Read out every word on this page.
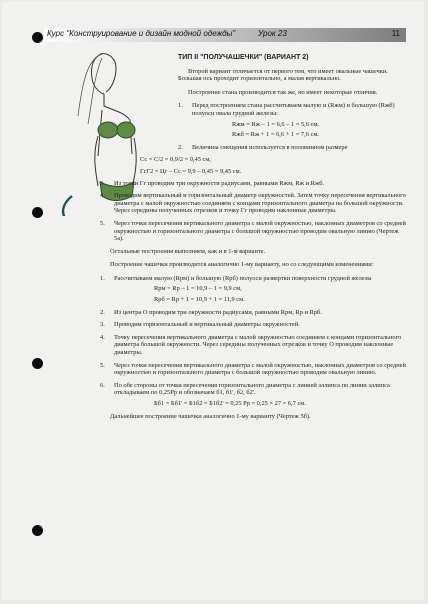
Курс "Конструирование и дизайн модной одежды"	Урок 23	11
ТИП II "ПОЛУЧАШЕЧКИ" (ВАРИАНТ 2)
Второй вариант отличается от первого тем, что имеет овальные чашечки. Большая ось проходит горизонтально, а малая вертикально.
Построение стана производится так же, но имеет некоторые отличия.
1. Перед построением стана рассчитываем малую и (Rжм) и большую (Rжб) полуоси овала грудной железы:
Rжм = Rж – 1 = 6,6 – 1 = 5,6 см.
Rжб = Rж + 1 = 6,6 + 1 = 7,6 см.
2. Величина смещения используется в половинном размере
Сс = С/2 = 0,9/2 = 0,45 см,
ГгГ2 = Цг – Сс = 9,9 – 0,45 = 9,45 см.
3. Из точки Гг проводим три окружности радиусами, равными Rжм, Rж и Rжб.
4. Проводим вертикальный и горизонтальный диаметр окружностей. Затем точку пересечения вертикального диаметра с малой окружностью соединяем с концами горизонтального диаметра на большой окружности. Через середины полученных отрезков и точку Гг проводим наклонные диаметры.
5. Через точки пересечения вертикального диаметра с малой окружностью, наклонных диаметров со средней окружностью и горизонтального диаметра с большой окружностью проводим овальную линию (Чертеж 5а).
Остальные построения выполняем, как и в 1-м варианте.
Построение чашечки производится аналогично 1-му варианту, но со следующими изменениями:
1. Рассчитываем малую (Rpм) и большую (Rpб) полуоси развертки поверхности грудной железы
Rpм = Rр – 1 = 10,9 – 1 = 9,9 см,
Rpб = Rр + 1 = 10,9 + 1 = 11,9 см.
2. Из центра О проводим три окружности радиусами, равными Rpм, Rр и Rpб.
3. Проводим горизонтальный и вертикальный диаметры окружностей.
4. Точку пересечения вертикального диаметра с малой окружностью соединяем с концами горизонтального диаметра большой окружности. Через середины полученных отрезков и точку О проводим наклонные диаметры.
5. Через точки пересечения вертикального диаметра с малой окружностью, наклонных диаметров со средней окружностью и горизонтального диаметра с большой окружностью проводим овальную линию.
6. По обе стороны от точки пересечения горизонтального диаметра с линией эллипса по линии эллипса откладываем по 0,25Рр и обозначаем б1, б1', б2, б2'.
Бб1 = Бб1' = Б1б2 = Б1б2' = 0,25 Рр = 0,25 × 27 = 6,7 см.
Дальнейшее построение чашечки аналогично 1-му варианту (Чертеж 5б).
